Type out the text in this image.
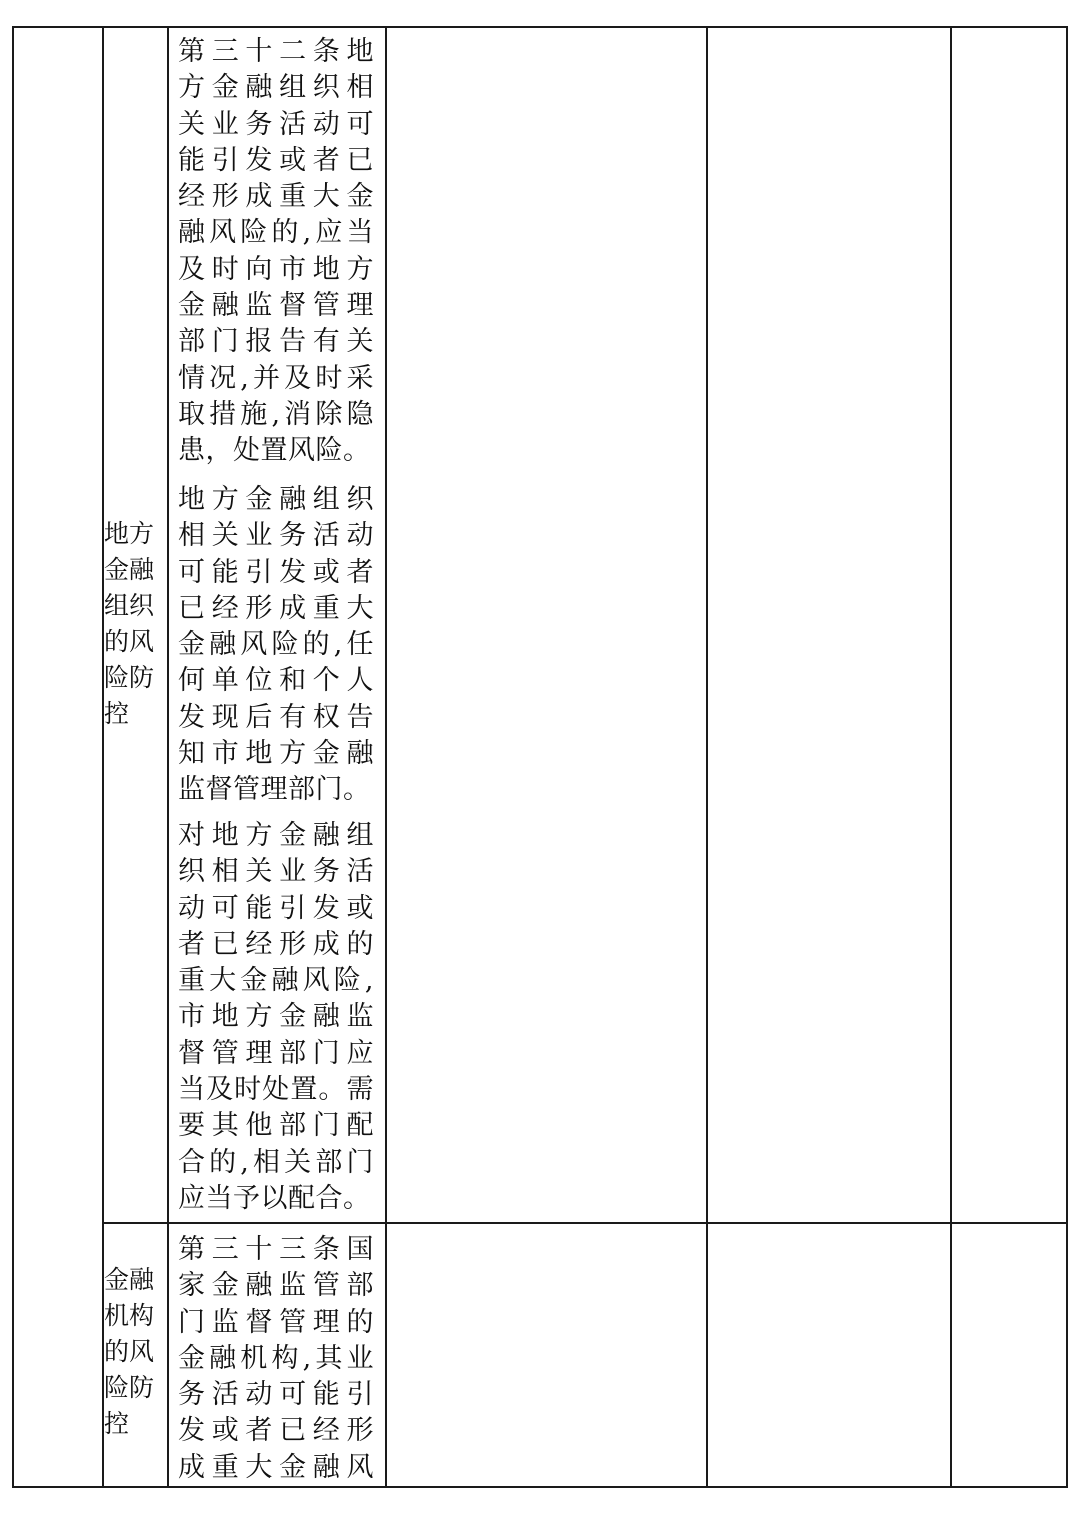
地方
金融
组织
的风
险防
控

第三十二条地

方金融组织相

关业务活动可

能引发或者已

经形成重大金

融风险的,应当

及时向市地方

金融监督管理

部门报告有关

情况,并及时采

取措施,消除隐

患，处置风险。

地方金融组织

相关业务活动

可能引发或者

已经形成重大

金融风险的,任

何单位和个人

发现后有权告

知市地方金融

监督管理部门。

对地方金融组

织相关业务活

动可能引发或

者已经形成的

重大金融风险,

市地方金融监

督管理部门应

当及时处置。需

要其他部门配

合的,相关部门

应当予以配合。

金融
机构
的风
险防
控

第三十三条国

家金融监管部

门监督管理的

金融机构,其业

务活动可能引

发或者已经形

成重大金融风
